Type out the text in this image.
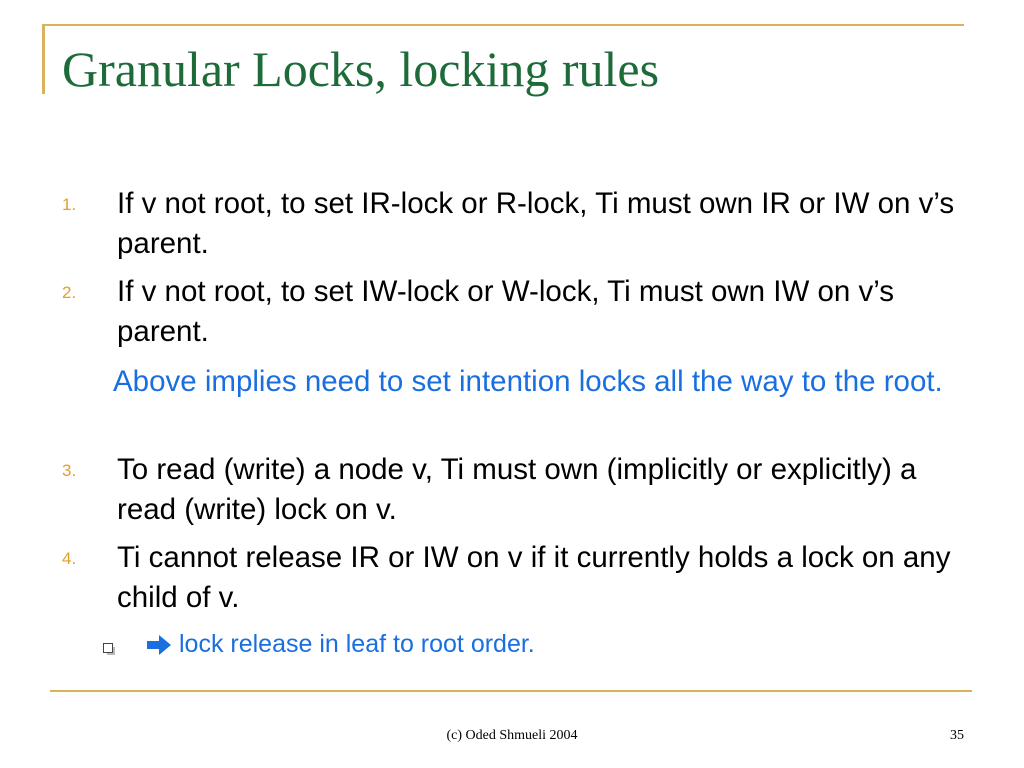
Granular Locks, locking rules
1. If v not root, to set IR-lock or R-lock, Ti must own IR or IW on v’s parent.
2. If v not root, to set IW-lock or W-lock, Ti must own IW on v’s parent.
Above implies need to set intention locks all the way to the root.
3. To read (write) a node v, Ti must own (implicitly or explicitly) a read (write) lock on v.
4. Ti cannot release IR or IW on v if it currently holds a lock on any child of v.
lock release in leaf to root order.
(c) Oded Shmueli 2004	35
